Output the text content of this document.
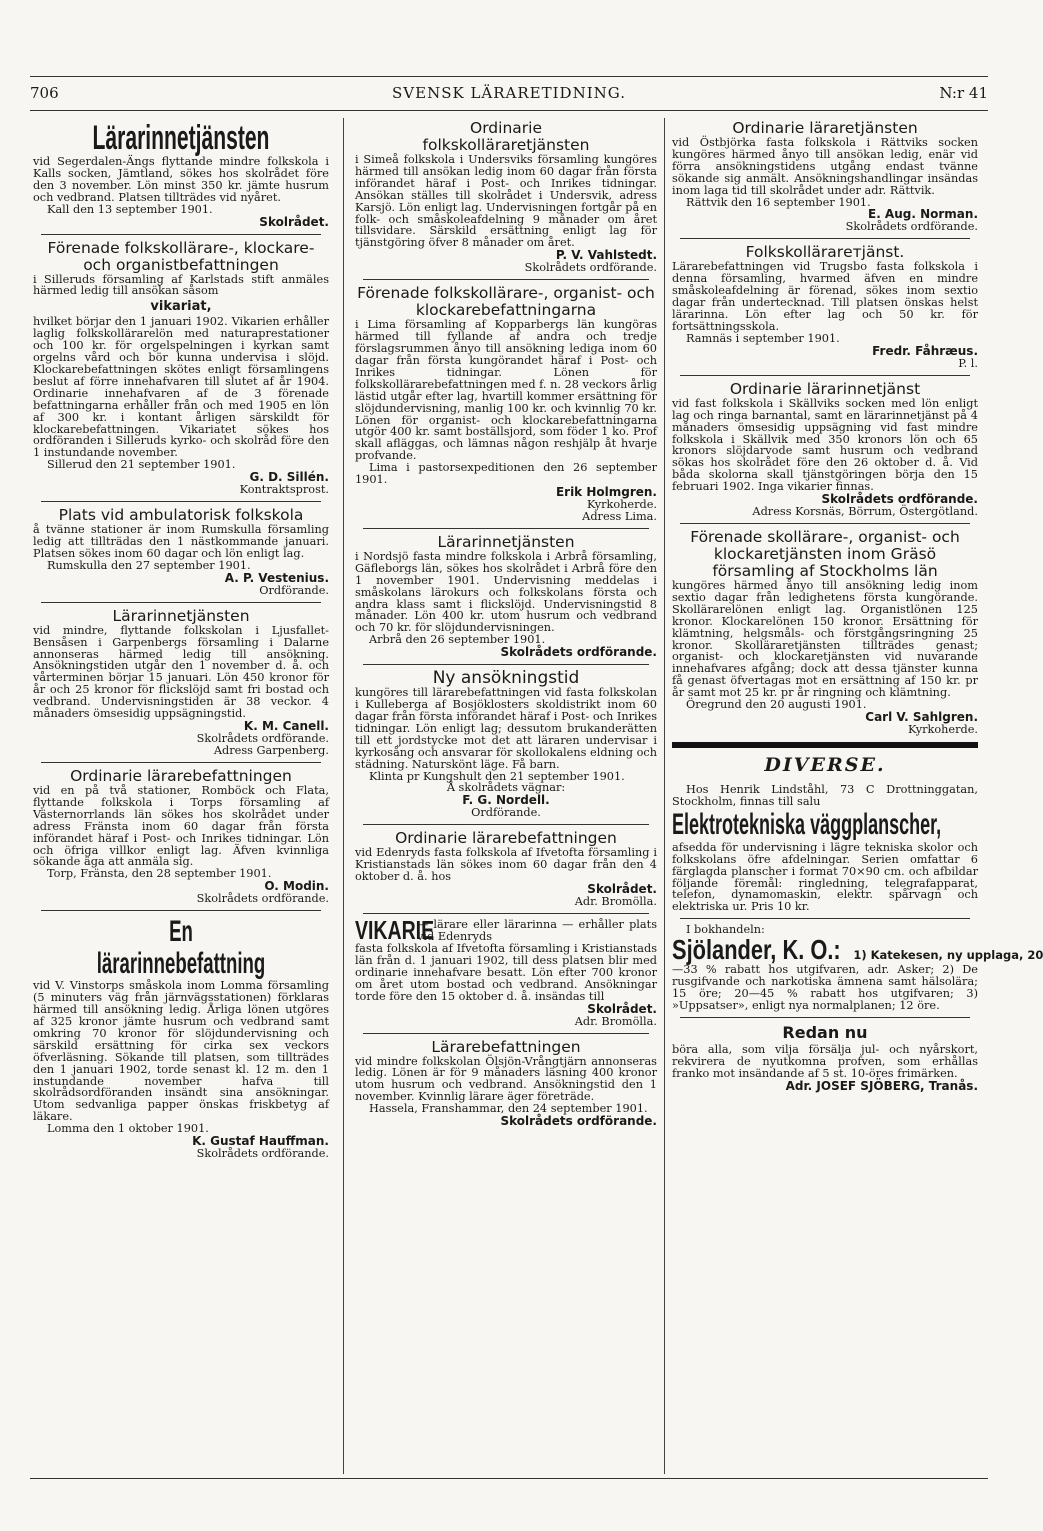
706	SVENSK LÄRARETIDNING.	N:r 41
Lärarinnetjänsten

vid Segerdalen-Ängs flyttande mindre folkskola i Kalls socken, Jämtland, sökes hos skolrådet före den 3 november. Lön minst 350 kr. jämte husrum och vedbrand. Platsen tillträdes vid nyåret.

Kall den 13 september 1901.

Skolrådet.

Förenade folkskollärare-, klockare- och organistbefattningen

i Silleruds församling af Karlstads stift anmäles härmed ledig till ansökan såsom

vikariat,

hvilket börjar den 1 januari 1902. Vikarien erhåller laglig folkskollärarelön med naturaprestationer och 100 kr. för orgelspelningen i kyrkan samt orgelns vård och bör kunna undervisa i slöjd. Klockarebefattningen skötes enligt församlingens beslut af förre innehafvaren till slutet af år 1904. Ordinarie innehafvaren af de 3 förenade befattningarna erhåller från och med 1905 en lön af 300 kr. i kontant årligen särskildt för klockarebefattningen. Vikariatet sökes hos ordföranden i Silleruds kyrko- och skolråd före den 1 instundande november.

Sillerud den 21 september 1901.

G. D. Sillén.

Kontraktsprost.

Plats vid ambulatorisk folkskola

å tvänne stationer är inom Rumskulla församling ledig att tillträdas den 1 nästkommande januari. Platsen sökes inom 60 dagar och lön enligt lag.

Rumskulla den 27 september 1901.

A. P. Vestenius.

Ordförande.

Lärarinnetjänsten

vid mindre, flyttande folkskolan i Ljusfallet-Bensåsen i Garpenbergs församling i Dalarne annonseras härmed ledig till ansökning. Ansökningstiden utgår den 1 november d. å. och vårterminen börjar 15 januari. Lön 450 kronor för år och 25 kronor för flickslöjd samt fri bostad och vedbrand. Undervisningstiden är 38 veckor. 4 månaders ömsesidig uppsägningstid.

K. M. Canell.

Skolrådets ordförande.

Adress Garpenberg.

Ordinarie lärarebefattningen

vid en på två stationer, Romböck och Flata, flyttande folkskola i Torps församling af Västernorrlands län sökes hos skolrådet under adress Fränsta inom 60 dagar från första införandet häraf i Post- och Inrikes tidningar. Lön och öfriga villkor enligt lag. Äfven kvinnliga sökande äga att anmäla sig.

Torp, Fränsta, den 28 september 1901.

O. Modin.

Skolrådets ordförande.

En lärarinnebefattning

vid V. Vinstorps småskola inom Lomma församling (5 minuters väg från järnvägsstationen) förklaras härmed till ansökning ledig. Årliga lönen utgöres af 325 kronor jämte husrum och vedbrand samt omkring 70 kronor för slöjdundervisning och särskild ersättning för cirka sex veckors öfverläsning. Sökande till platsen, som tillträdes den 1 januari 1902, torde senast kl. 12 m. den 1 instundande november hafva till skolrådsordföranden insändt sina ansökningar. Utom sedvanliga papper önskas friskbetyg af läkare.

Lomma den 1 oktober 1901.

K. Gustaf Hauffman.

Skolrådets ordförande.

Ordinarie
folkskolläraretjänsten

i Simeå folkskola i Undersviks församling kungöres härmed till ansökan ledig inom 60 dagar från första införandet häraf i Post- och Inrikes tidningar. Ansökan ställes till skolrådet i Undersvik, adress Karsjö. Lön enligt lag. Undervisningen fortgår på en folk- och småskoleafdelning 9 månader om året tillsvidare. Särskild ersättning enligt lag för tjänstgöring öfver 8 månader om året.

P. V. Vahlstedt.

Skolrådets ordförande.

Förenade folkskollärare-, organist- och klockarebefattningarna

i Lima församling af Kopparbergs län kungöras härmed till fyllande af andra och tredje förslagsrummen ånyo till ansökning lediga inom 60 dagar från första kungörandet häraf i Post- och Inrikes tidningar. Lönen för folkskollärarebefattningen med f. n. 28 veckors årlig lästid utgår efter lag, hvartill kommer ersättning för slöjdundervisning, manlig 100 kr. och kvinnlig 70 kr. Lönen för organist- och klockarebefattningarna utgör 400 kr. samt boställsjord, som föder 1 ko. Prof skall afläggas, och lämnas någon reshjälp åt hvarje profvande.

Lima i pastorsexpeditionen den 26 september 1901.

Erik Holmgren.

Kyrkoherde.

Adress Lima.

Lärarinnetjänsten

i Nordsjö fasta mindre folkskola i Arbrå församling, Gäfleborgs län, sökes hos skolrådet i Arbrå före den 1 november 1901. Undervisning meddelas i småskolans lärokurs och folkskolans första och andra klass samt i flickslöjd. Undervisningstid 8 månader. Lön 400 kr. utom husrum och vedbrand och 70 kr. för slöjdundervisningen.

Arbrå den 26 september 1901.

Skolrådets ordförande.

Ny ansökningstid

kungöres till lärarebefattningen vid fasta folkskolan i Kulleberga af Bosjöklosters skoldistrikt inom 60 dagar från första införandet häraf i Post- och Inrikes tidningar. Lön enligt lag; dessutom brukanderätten till ett jordstycke mot det att läraren undervisar i kyrkosång och ansvarar för skollokalens eldning och städning. Naturskönt läge. Få barn.

Klinta pr Kungshult den 21 september 1901.

Å skolrådets vägnar:

F. G. Nordell.

Ordförande.

Ordinarie lärarebefattningen

vid Edenryds fasta folkskola af Ifvetofta församling i Kristianstads län sökes inom 60 dagar från den 4 oktober d. å. hos

Skolrådet.

Adr. Bromölla.

VIKARIE

— lärare eller lärarinna — erhåller plats vid Edenryds

fasta folkskola af Ifvetofta församling i Kristianstads län från d. 1 januari 1902, till dess platsen blir med ordinarie innehafvare besatt. Lön efter 700 kronor om året utom bostad och vedbrand. Ansökningar torde före den 15 oktober d. å. insändas till

Skolrådet.

Adr. Bromölla.

Lärarebefattningen

vid mindre folkskolan Ölsjön-Vrångtjärn annonseras ledig. Lönen är för 9 månaders läsning 400 kronor utom husrum och vedbrand. Ansökningstid den 1 november. Kvinnlig lärare äger företräde.

Hassela, Franshammar, den 24 september 1901.

Skolrådets ordförande.

Ordinarie läraretjänsten

vid Östbjörka fasta folkskola i Rättviks socken kungöres härmed ånyo till ansökan ledig, enär vid förra ansökningstidens utgång endast tvänne sökande sig anmält. Ansökningshandlingar insändas inom laga tid till skolrådet under adr. Rättvik.

Rättvik den 16 september 1901.

E. Aug. Norman.

Skolrådets ordförande.

Folkskollärarетjänst.

Lärarebefattningen vid Trugsbo fasta folkskola i denna församling, hvarmed äfven en mindre småskoleafdelning är förenad, sökes inom sextio dagar från undertecknad. Till platsen önskas helst lärarinna. Lön efter lag och 50 kr. för fortsättningsskola.

Ramnäs i september 1901.

Fredr. Fåhræus.

P. l.

Ordinarie lärarinnetjänst

vid fast folkskola i Skällviks socken med lön enligt lag och ringa barnantal, samt en lärarinnetjänst på 4 månaders ömsesidig uppsägning vid fast mindre folkskola i Skällvik med 350 kronors lön och 65 kronors slöjdarvode samt husrum och vedbrand sökas hos skolrådet före den 26 oktober d. å. Vid båda skolorna skall tjänstgöringen börja den 15 februari 1902. Inga vikarier finnas.

Skolrådets ordförande.

Adress Korsnäs, Börrum, Östergötland.

Förenade skollärare-, organist- och klockaretjänsten inom Gräsö församling af Stockholms län

kungöres härmed ånyo till ansökning ledig inom sextio dagar från ledighetens första kungörande. Skollärarelönen enligt lag. Organistlönen 125 kronor. Klockarelönen 150 kronor. Ersättning för klämtning, helgsmåls- och förstgångsringning 25 kronor. Skolläraretjänsten tillträdes genast; organist- och klockaretjänsten vid nuvarande innehafvares afgång; dock att dessa tjänster kunna få genast öfvertagas mot en ersättning af 150 kr. pr år samt mot 25 kr. pr år ringning och klämtning.

Öregrund den 20 augusti 1901.

Carl V. Sahlgren.

Kyrkoherde.

DIVERSE.

Hos Henrik Lindståhl, 73 C Drottninggatan, Stockholm, finnas till salu

Elektrotekniska väggplanscher,

afsedda för undervisning i lägre tekniska skolor och folkskolans öfre afdelningar. Serien omfattar 6 färglagda planscher i format 70×90 cm. och afbildar följande föremål: ringledning, telegrafapparat, telefon, dynamomaskin, elektr. spårvagn och elektriska ur. Pris 10 kr.

I bokhandeln:

Sjölander, K. O.: 1) Katekesen, ny upplaga, 20

—33 % rabatt hos utgifvaren, adr. Asker; 2) De rusgifvande och narkotiska ämnena samt hälsolära; 15 öre; 20—45 % rabatt hos utgifvaren; 3) »Uppsatser», enligt nya normalplanen; 12 öre.

Redan nu

böra alla, som vilja försälja jul- och nyårskort, rekvirera de nyutkomna profven, som erhållas franko mot insändande af 5 st. 10-öres frimärken.

Adr. JOSEF SJÖBERG, Tranås.
